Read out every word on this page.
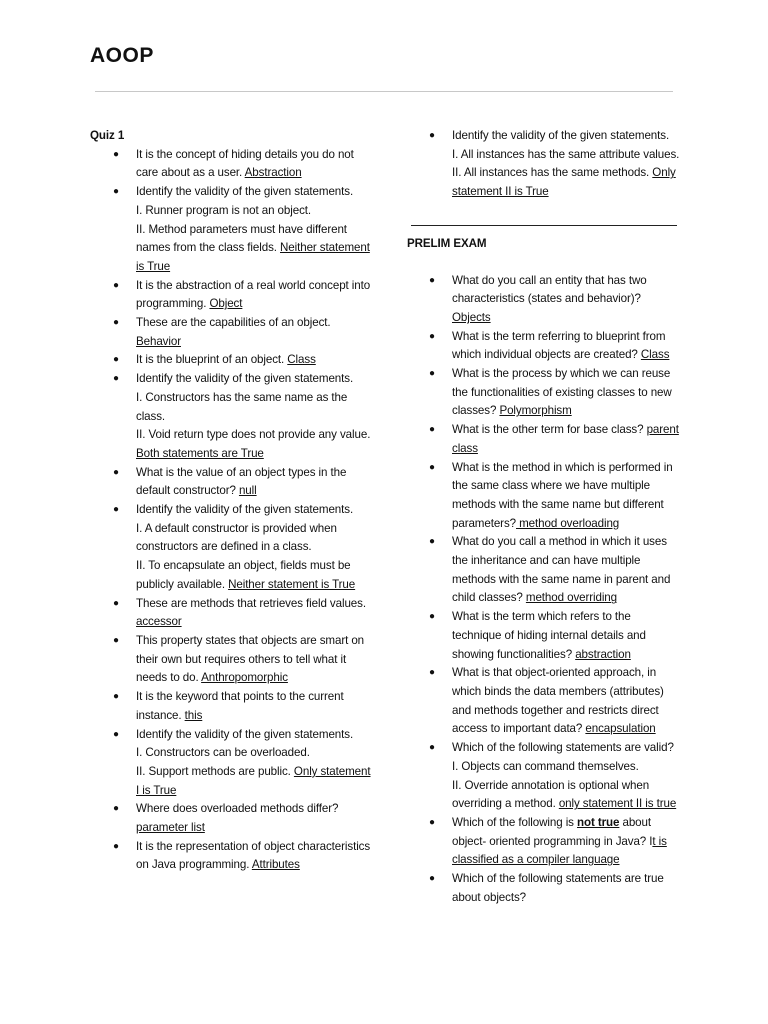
AOOP

Quiz 1

● It is the concept of hiding details you do not care about as a user. Abstraction
● Identify the validity of the given statements.
I. Runner program is not an object.
II. Method parameters must have different names from the class fields. Neither statement is True
● It is the abstraction of a real world concept into programming. Object
● These are the capabilities of an object. Behavior
● It is the blueprint of an object. Class
● Identify the validity of the given statements.
I. Constructors has the same name as the class.
II. Void return type does not provide any value. Both statements are True
● What is the value of an object types in the default constructor? null
● Identify the validity of the given statements.
I. A default constructor is provided when constructors are defined in a class.
II. To encapsulate an object, fields must be publicly available. Neither statement is True
● These are methods that retrieves field values. accessor
● This property states that objects are smart on their own but requires others to tell what it needs to do. Anthropomorphic
● It is the keyword that points to the current instance. this
● Identify the validity of the given statements.
I. Constructors can be overloaded.
II. Support methods are public. Only statement I is True
● Where does overloaded methods differ? parameter list
● It is the representation of object characteristics on Java programming. Attributes
● Identify the validity of the given statements.
I. All instances has the same attribute values.
II. All instances has the same methods. Only statement II is True

PRELIM EXAM

● What do you call an entity that has two characteristics (states and behavior)? Objects
● What is the term referring to blueprint from which individual objects are created? Class
● What is the process by which we can reuse the functionalities of existing classes to new classes? Polymorphism
● What is the other term for base class? parent class
● What is the method in which is performed in the same class where we have multiple methods with the same name but different parameters? method overloading
● What do you call a method in which it uses the inheritance and can have multiple methods with the same name in parent and child classes? method overriding
● What is the term which refers to the technique of hiding internal details and showing functionalities? abstraction
● What is that object-oriented approach, in which binds the data members (attributes) and methods together and restricts direct access to important data? encapsulation
● Which of the following statements are valid?
I. Objects can command themselves.
II. Override annotation is optional when overriding a method. only statement II is true
● Which of the following is not true about object- oriented programming in Java? It is classified as a compiler language
● Which of the following statements are true about objects?
